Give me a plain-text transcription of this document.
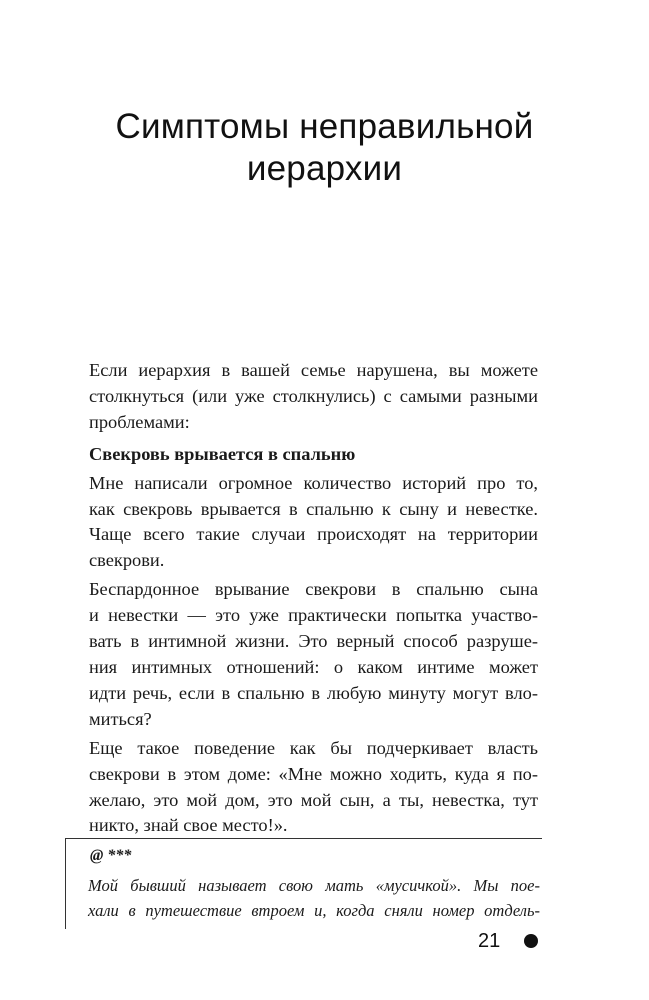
Симптомы неправильной
иерархии

Если иерархия в вашей семье нарушена, вы можете
столкнуться (или уже столкнулись) с самыми разными
проблемами:

Свекровь врывается в спальню

Мне написали огромное количество историй про то,
как свекровь врывается в спальню к сыну и невестке.
Чаще всего такие случаи происходят на территории
свекрови.

Беспардонное врывание свекрови в спальню сына
и невестки — это уже практически попытка участво-
вать в интимной жизни. Это верный способ разруше-
ния интимных отношений: о каком интиме может
идти речь, если в спальню в любую минуту могут вло-
миться?

Еще такое поведение как бы подчеркивает власть
свекрови в этом доме: «Мне можно ходить, куда я по-
желаю, это мой дом, это мой сын, а ты, невестка, тут
никто, знай свое место!».

@ ***
Мой бывший называет свою мать «мусичкой». Мы пое-
хали в путешествие втроем и, когда сняли номер отдель-
21
